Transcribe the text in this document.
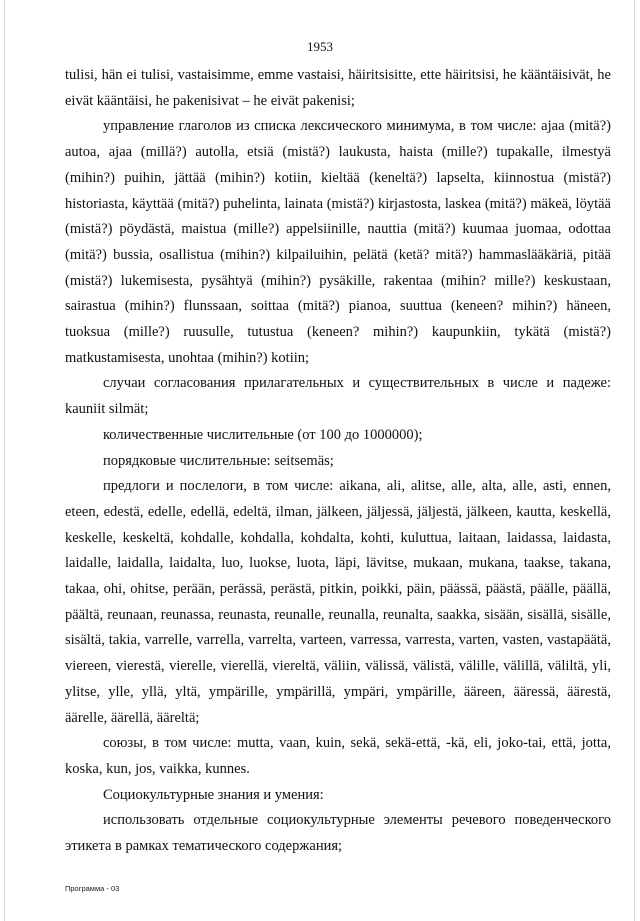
1953

tulisi, hän ei tulisi, vastaisimme, emme vastaisi, häiritsisitte, ette häiritsisi, he kääntäisivät, he eivät kääntäisi, he pakenisivat – he eivät pakenisi;

управление глаголов из списка лексического минимума, в том числе: ajaa (mitä?) autoa, ajaa (millä?) autolla, etsiä (mistä?) laukusta, haista (mille?) tupakalle, ilmestyä (mihin?) puihin, jättää (mihin?) kotiin, kieltää (keneltä?) lapselta, kiinnostua (mistä?) historiasta, käyttää (mitä?) puhelinta, lainata (mistä?) kirjastosta, laskea (mitä?) mäkeä, löytää (mistä?) pöydästä, maistua (mille?) appelsiinille, nauttia (mitä?) kuumaa juomaa, odottaa (mitä?) bussia, osallistua (mihin?) kilpailuihin, pelätä (ketä? mitä?) hammaslääkäriä, pitää (mistä?) lukemisesta, pysähtyä (mihin?) pysäkille, rakentaa (mihin? mille?) keskustaan, sairastua (mihin?) flunssaan, soittaa (mitä?) pianoa, suuttua (keneen? mihin?) häneen, tuoksua (mille?) ruusulle, tutustua (keneen? mihin?) kaupunkiin, tykätä (mistä?) matkustamisesta, unohtaa (mihin?) kotiin;

случаи согласования прилагательных и существительных в числе и падеже: kauniit silmät;

количественные числительные (от 100 до 1000000);

порядковые числительные: seitsemäs;

предлоги и послелоги, в том числе: aikana, ali, alitse, alle, alta, alle, asti, ennen, eteen, edestä, edelle, edellä, edeltä, ilman, jälkeen, jäljessä, jäljestä, jälkeen, kautta, keskellä, keskelle, keskeltä, kohdalle, kohdalla, kohdalta, kohti, kuluttua, laitaan, laidassa, laidasta, laidalle, laidalla, laidalta, luo, luokse, luota, läpi, lävitse, mukaan, mukana, taakse, takana, takaa, ohi, ohitse, perään, perässä, perästä, pitkin, poikki, päin, päässä, päästä, päälle, päällä, päältä, reunaan, reunassa, reunasta, reunalle, reunalla, reunalta, saakka, sisään, sisällä, sisälle, sisältä, takia, varrelle, varrella, varrelta, varteen, varressa, varresta, varten, vasten, vastapäätä, viereen, vierestä, vierelle, vierellä, viereltä, väliin, välissä, välistä, välille, välillä, väliltä, yli, ylitse, ylle, yllä, yltä, ympärille, ympärillä, ympäri, ympärille, ääreen, ääressä, äärestä, äärelle, äärellä, ääreltä;

союзы, в том числе: mutta, vaan, kuin, sekä, sekä-että, -kä, eli, joko-tai, että, jotta, koska, kun, jos, vaikka, kunnes.

Социокультурные знания и умения:

использовать отдельные социокультурные элементы речевого поведенческого этикета в рамках тематического содержания;

Программа - 03
